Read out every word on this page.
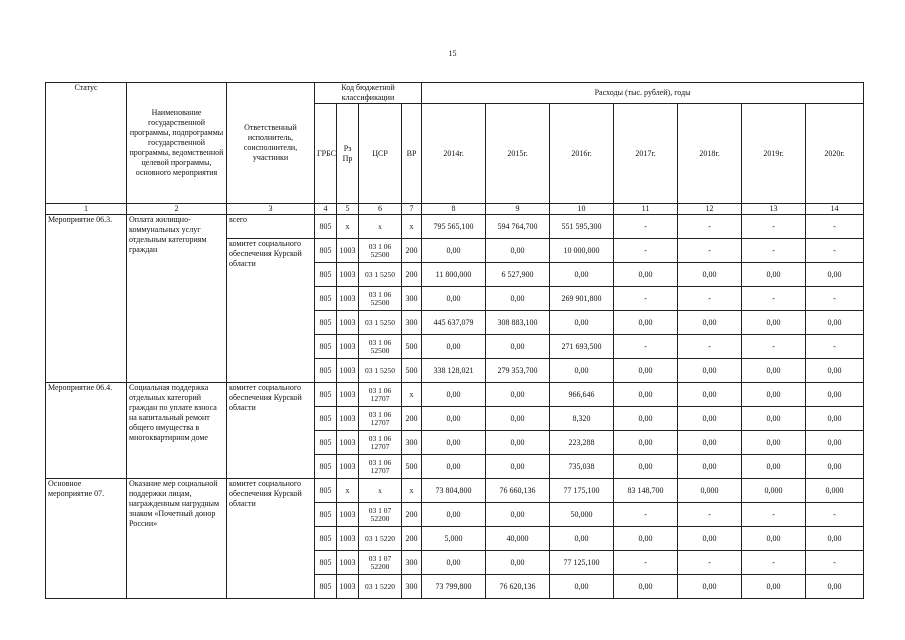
15
Статус	Наименование государственной программы, подпрограммы государственной программы, ведомственной целевой программы, основного мероприятия	Ответственный исполнитель, соисполнители, участники	Код бюджетной классификации				Расходы (тыс. рублей), годы						
			ГРБС	Рз Пр	ЦСР	ВР	2014г.	2015г.	2016г.	2017г.	2018г.	2019г.	2020г.
1	2	3	4	5	6	7	8	9	10	11	12	13	14
Мероприятие 06.3.	Оплата жилищно-коммунальных услуг отдельным категориям граждан	всего	805	х	х	х	795 565,100	594 764,700	551 595,300	-	-	-	-
		комитет социального обеспечения Курской области	805	1003	03 1 06 52500	200	0,00	0,00	10 000,000	-	-	-	-
			805	1003	03 1 5250	200	11 800,000	6 527,900	0,00	0,00	0,00	0,00	0,00
			805	1003	03 1 06 52500	300	0,00	0,00	269 901,800	-	-	-	-
			805	1003	03 1 5250	300	445 637,079	308 883,100	0,00	0,00	0,00	0,00	0,00
			805	1003	03 1 06 52500	500	0,00	0,00	271 693,500	-	-	-	-
			805	1003	03 1 5250	500	338 128,021	279 353,700	0,00	0,00	0,00	0,00	0,00
Мероприятие 06.4.	Социальная поддержка отдельных категорий граждан по уплате взноса на капитальный ремонт общего имущества в многоквартирном доме	комитет социального обеспечения Курской области	805	1003	03 1 06 12707	х	0,00	0,00	966,646	0,00	0,00	0,00	0,00
			805	1003	03 1 06 12707	200	0,00	0,00	8,320	0,00	0,00	0,00	0,00
			805	1003	03 1 06 12707	300	0,00	0,00	223,288	0,00	0,00	0,00	0,00
			805	1003	03 1 06 12707	500	0,00	0,00	735,038	0,00	0,00	0,00	0,00
Основное мероприятие 07.	Оказание мер социальной поддержки лицам, награжденным нагрудным знаком «Почетный донор России»	комитет социального обеспечения Курской области	805	х	х	х	73 804,800	76 660,136	77 175,100	83 148,700	0,000	0,000	0,000
			805	1003	03 1 07 52200	200	0,00	0,00	50,000	-	-	-	-
			805	1003	03 1 5220	200	5,000	40,000	0,00	0,00	0,00	0,00	0,00
			805	1003	03 1 07 52200	300	0,00	0,00	77 125,100	-	-	-	-
			805	1003	03 1 5220	300	73 799,800	76 620,136	0,00	0,00	0,00	0,00	0,00
